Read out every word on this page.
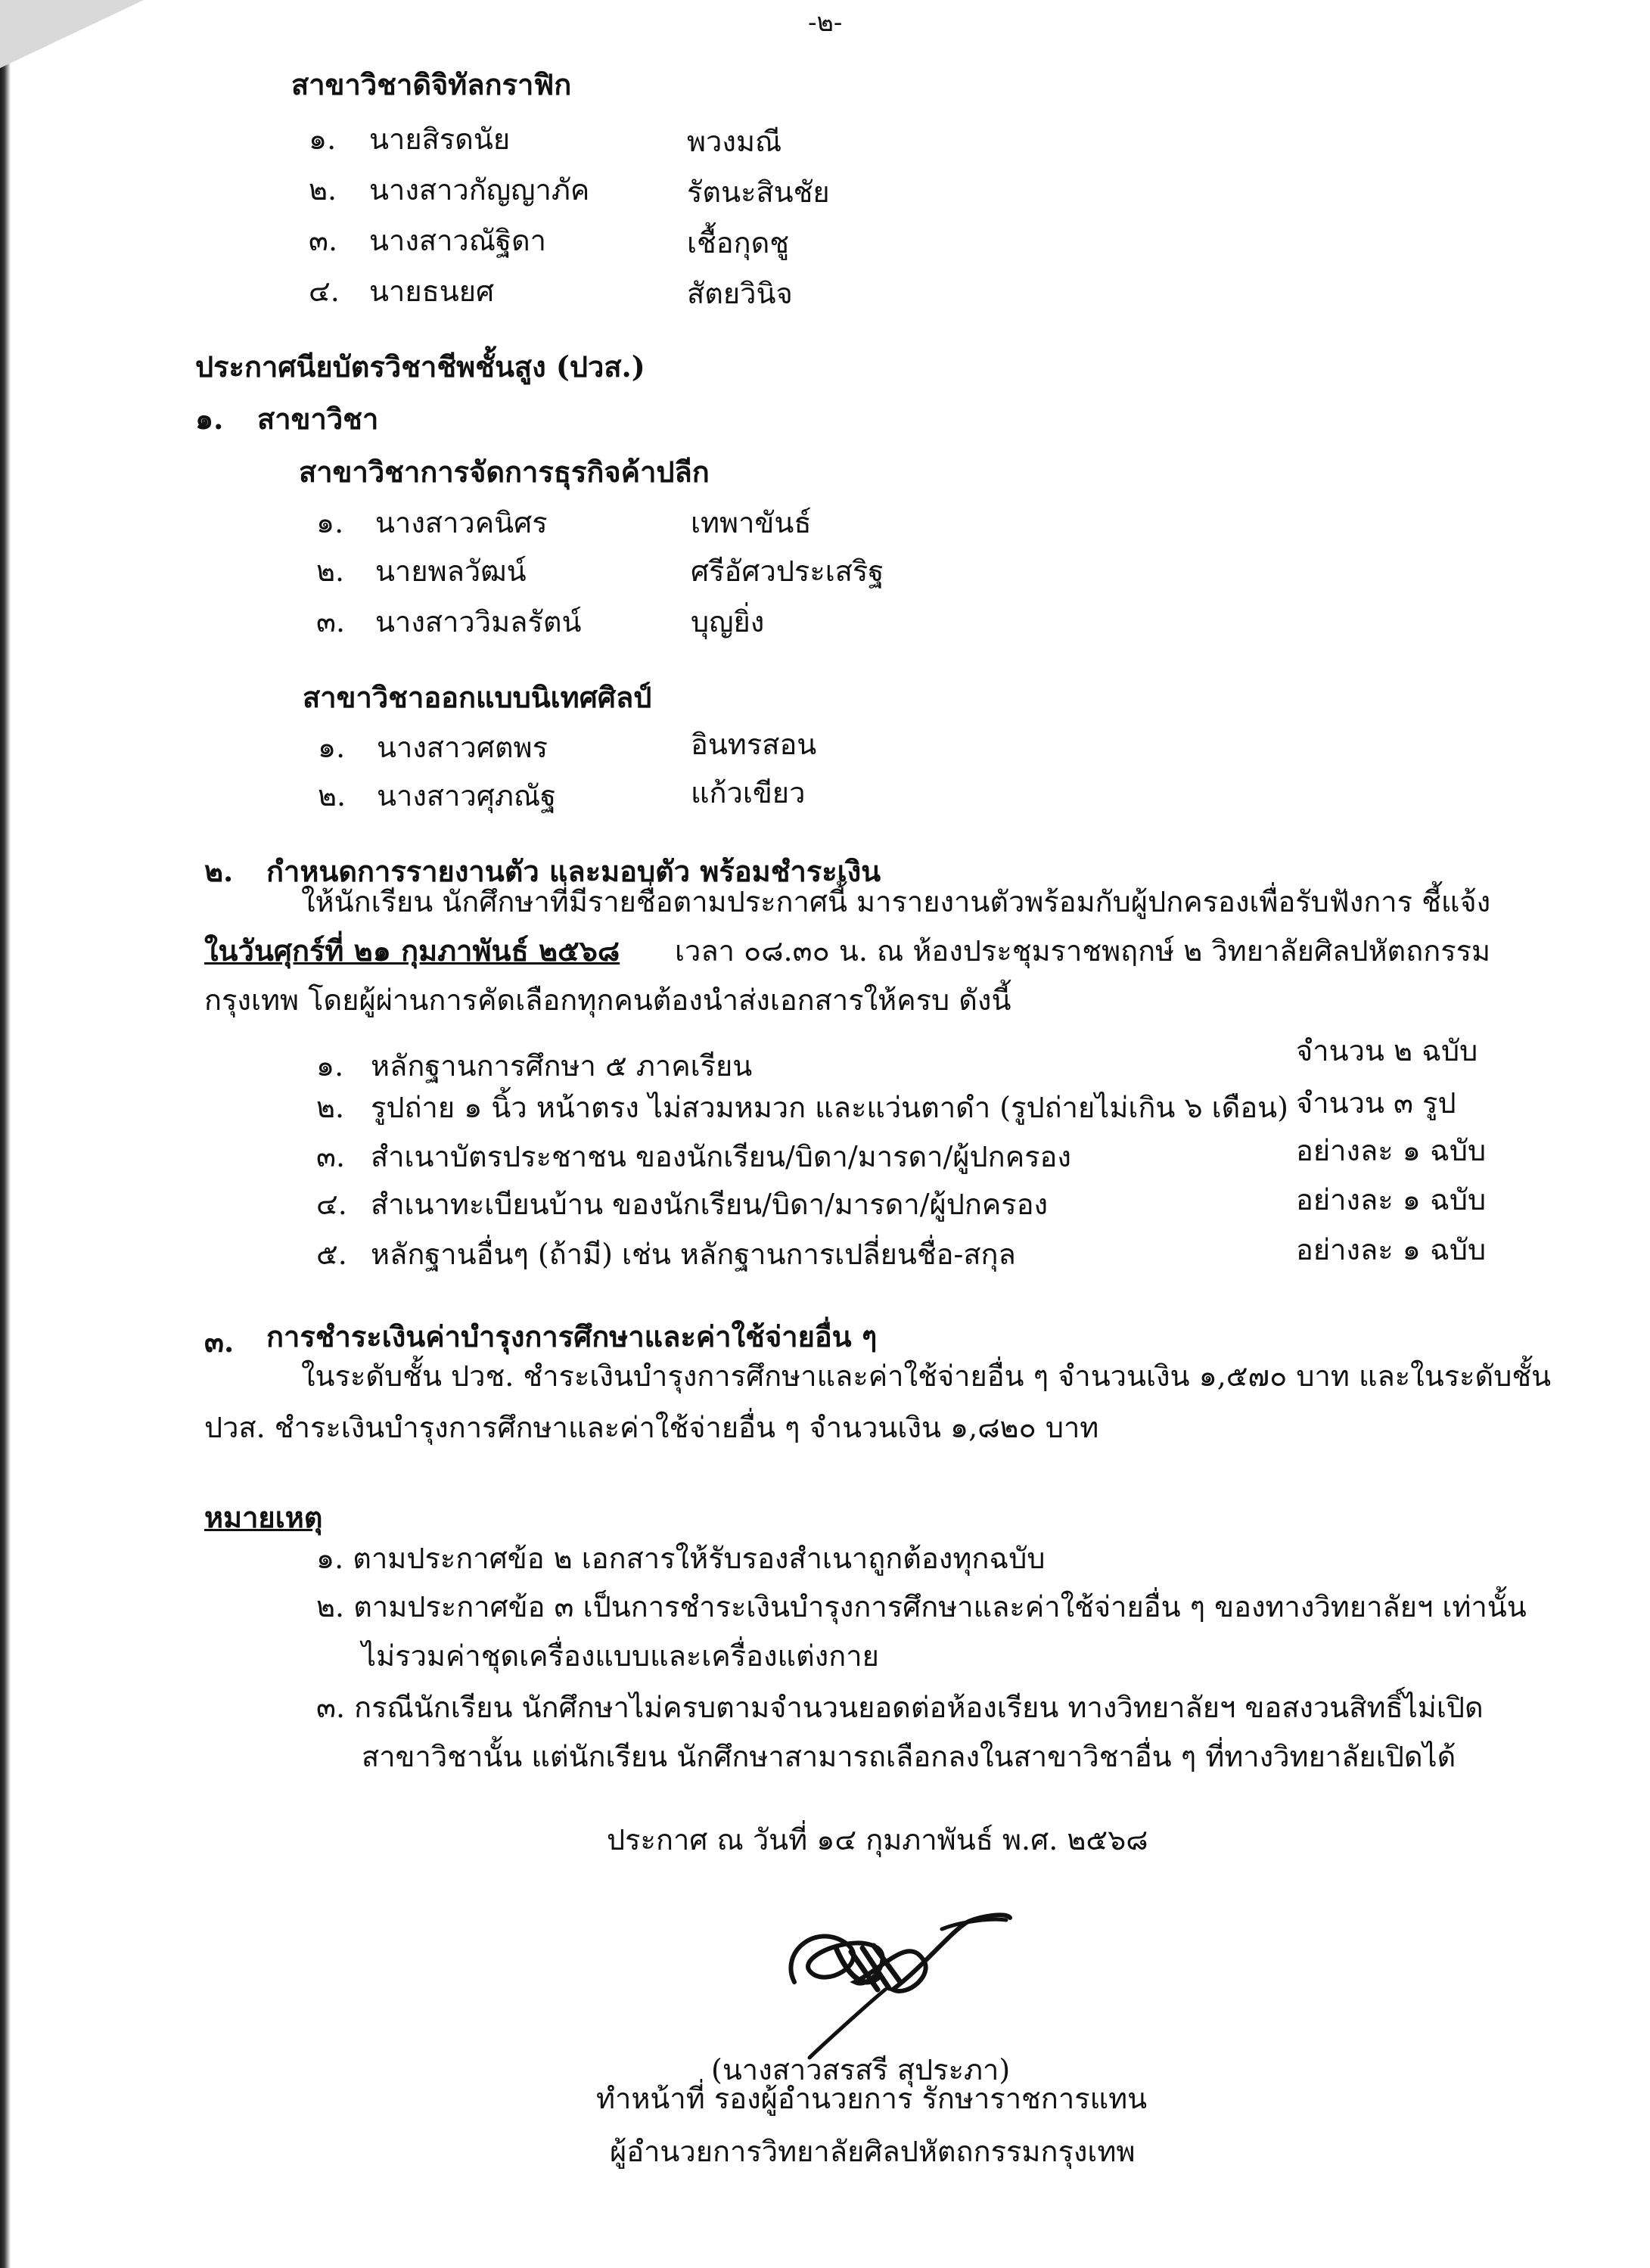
-๒-
สาขาวิชาดิจิทัลกราฟิก
๑. นายสิรดนัย	พวงมณี
๒. นางสาวกัญญาภัค	รัตนะสินชัย
๓. นางสาวณัฐิดา	เชื้อกุดชู
๔. นายธนยศ	สัตยวินิจ
ประกาศนียบัตรวิชาชีพชั้นสูง (ปวส.)
๑. สาขาวิชา
สาขาวิชาการจัดการธุรกิจค้าปลีก
๑. นางสาวคนิศร	เทพาขันธ์
๒. นายพลวัฒน์	ศรีอัศวประเสริฐ
๓. นางสาววิมลรัตน์	บุญยิ่ง
สาขาวิชาออกแบบนิเทศศิลป์
๑. นางสาวศตพร	อินทรสอน
๒. นางสาวศุภณัฐ	แก้วเขียว
๒. กำหนดการรายงานตัว และมอบตัว พร้อมชำระเงิน
ให้นักเรียน นักศึกษาที่มีรายชื่อตามประกาศนี้ มารายงานตัวพร้อมกับผู้ปกครองเพื่อรับฟังการ ชี้แจ้ง
ในวันศุกร์ที่ ๒๑ กุมภาพันธ์ ๒๕๖๘ เวลา ๐๘.๓๐ น. ณ ห้องประชุมราชพฤกษ์ ๒ วิทยาลัยศิลปหัตถกรรม
กรุงเทพ โดยผู้ผ่านการคัดเลือกทุกคนต้องนำส่งเอกสารให้ครบ ดังนี้
๑. หลักฐานการศึกษา ๕ ภาคเรียน	จำนวน ๒ ฉบับ
๒. รูปถ่าย ๑ นิ้ว หน้าตรง ไม่สวมหมวก และแว่นตาดำ (รูปถ่ายไม่เกิน ๖ เดือน) จำนวน ๓ รูป
๓. สำเนาบัตรประชาชน ของนักเรียน/บิดา/มารดา/ผู้ปกครอง	อย่างละ ๑ ฉบับ
๔. สำเนาทะเบียนบ้าน ของนักเรียน/บิดา/มารดา/ผู้ปกครอง	อย่างละ ๑ ฉบับ
๕. หลักฐานอื่นๆ (ถ้ามี) เช่น หลักฐานการเปลี่ยนชื่อ-สกุล	อย่างละ ๑ ฉบับ
๓. การชำระเงินค่าบำรุงการศึกษาและค่าใช้จ่ายอื่น ๆ
ในระดับชั้น ปวช. ชำระเงินบำรุงการศึกษาและค่าใช้จ่ายอื่น ๆ จำนวนเงิน ๑,๕๗๐ บาท และในระดับชั้น
ปวส. ชำระเงินบำรุงการศึกษาและค่าใช้จ่ายอื่น ๆ จำนวนเงิน ๑,๘๒๐ บาท
หมายเหตุ
๑. ตามประกาศข้อ ๒ เอกสารให้รับรองสำเนาถูกต้องทุกฉบับ
๒. ตามประกาศข้อ ๓ เป็นการชำระเงินบำรุงการศึกษาและค่าใช้จ่ายอื่น ๆ ของทางวิทยาลัยฯ เท่านั้น
ไม่รวมค่าชุดเครื่องแบบและเครื่องแต่งกาย
๓. กรณีนักเรียน นักศึกษาไม่ครบตามจำนวนยอดต่อห้องเรียน ทางวิทยาลัยฯ ขอสงวนสิทธิ์ไม่เปิด
สาขาวิชานั้น แต่นักเรียน นักศึกษาสามารถเลือกลงในสาขาวิชาอื่น ๆ ที่ทางวิทยาลัยเปิดได้
ประกาศ ณ วันที่ ๑๔ กุมภาพันธ์ พ.ศ. ๒๕๖๘
(นางสาวสรสรี สุประภา)
ทำหน้าที่ รองผู้อำนวยการ รักษาราชการแทน
ผู้อำนวยการวิทยาลัยศิลปหัตถกรรมกรุงเทพ
